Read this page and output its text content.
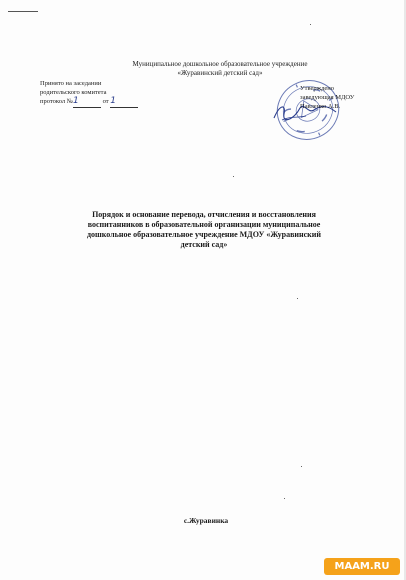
Муниципальное дошкольное образовательное учреждение
«Журавинский детский сад»
Принято на заседании
родительского комитета
протокол №1	от 1
Утверждено
заведующая МДОУ
Павленко А.В.
Порядок и основание перевода, отчисления и восстановления
воспитанников в образовательной организации муниципальное
дошкольное образовательное учреждение МДОУ «Журавинский
детский сад»
с.Журавинка
MAAM.RU
